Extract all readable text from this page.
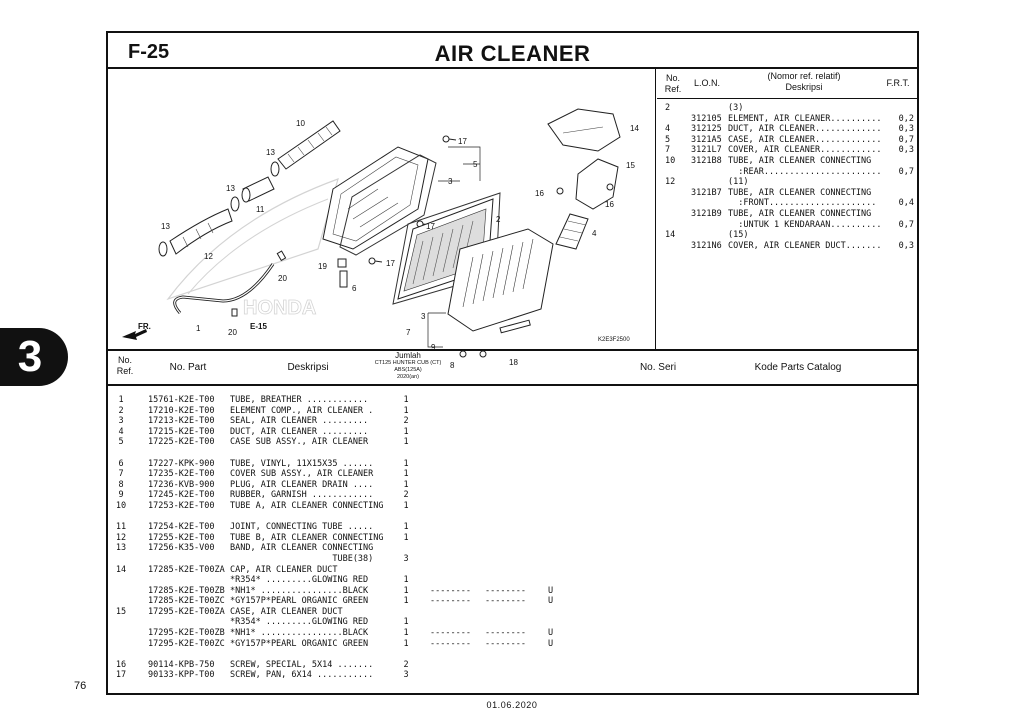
3
F-25	AIR CLEANER
HONDA
10
13
13
11
13
12
20
1	20
E-15
17
5
3
17
2
17
19
6
3
7
9
8	18
4
14
15
16
16
FR.
K2E3F2500
No.
Ref.
L.O.N.
(Nomor ref. relatif)
Deskripsi	F.R.T.
2	(3)
312105 ELEMENT, AIR CLEANER..........	0,2
4	312125 DUCT, AIR CLEANER.............	0,3
5	3121A5 CASE, AIR CLEANER.............	0,7
7	3121L7 COVER, AIR CLEANER............	0,3
10 3121B8 TUBE, AIR CLEANER CONNECTING
:REAR.......................	0,7
12	(11)
3121B7 TUBE, AIR CLEANER CONNECTING
:FRONT.....................	0,4
3121B9 TUBE, AIR CLEANER CONNECTING
:UNTUK 1 KENDARAAN..........	0,7
14	(15)
3121N6 COVER, AIR CLEANER DUCT.......	0,3
No.
Ref.	No. Part	Deskripsi
Jumlah
CT125 HUNTER CUB (CT)
ABS(125A)
2020(an)
No. Seri	Kode Parts Catalog
1	15761-K2E-T00	TUBE, BREATHER ............	1
2	17210-K2E-T00	ELEMENT COMP., AIR CLEANER .	1
3	17213-K2E-T00	SEAL, AIR CLEANER .........	2
4	17215-K2E-T00	DUCT, AIR CLEANER .........	1
5	17225-K2E-T00	CASE SUB ASSY., AIR CLEANER	1
6	17227-KPK-900	TUBE, VINYL, 11X15X35 ......	1
7	17235-K2E-T00	COVER SUB ASSY., AIR CLEANER	1
8	17236-KVB-900	PLUG, AIR CLEANER DRAIN ....	1
9	17245-K2E-T00	RUBBER, GARNISH ............	2
10	17253-K2E-T00	TUBE A, AIR CLEANER CONNECTING	1
11	17254-K2E-T00	JOINT, CONNECTING TUBE .....	1
12	17255-K2E-T00	TUBE B, AIR CLEANER CONNECTING	1
13	17256-K35-V00	BAND, AIR CLEANER CONNECTING
TUBE(38)	3
14	17285-K2E-T00ZA CAP, AIR CLEANER DUCT
*R354* .........GLOWING RED	1
17285-K2E-T00ZB *NH1* ................BLACK	1	-------- --------	U
17285-K2E-T00ZC *GY157P*PEARL ORGANIC GREEN	1	-------- --------	U
15	17295-K2E-T00ZA CASE, AIR CLEANER DUCT
*R354* .........GLOWING RED	1
17295-K2E-T00ZB *NH1* ................BLACK	1	-------- --------	U
17295-K2E-T00ZC *GY157P*PEARL ORGANIC GREEN	1	-------- --------	U
16	90114-KPB-750	SCREW, SPECIAL, 5X14 .......	2
17	90133-KPP-T00	SCREW, PAN, 6X14 ...........	3
76
01.06.2020
